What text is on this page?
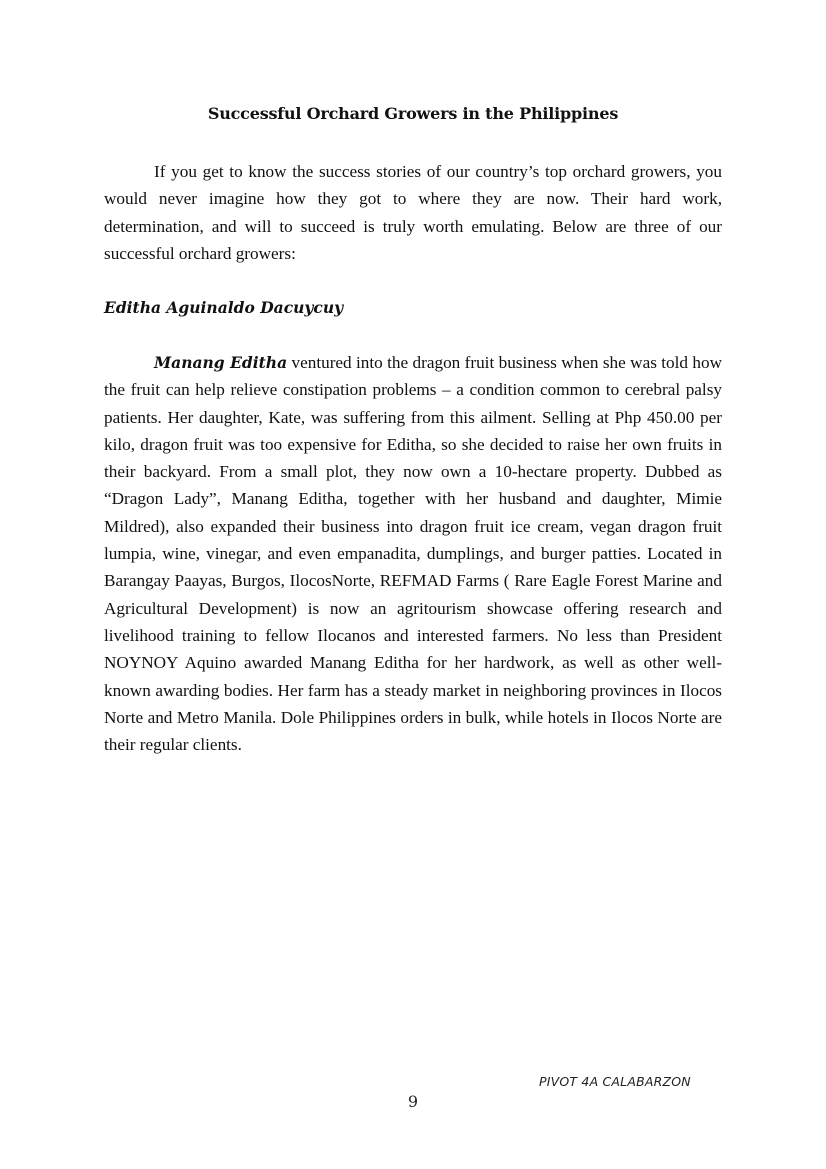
Successful Orchard Growers in the Philippines

If you get to know the success stories of our country’s top orchard growers, you would never imagine how they got to where they are now. Their hard work, determination, and will to succeed is truly worth emulating. Below are three of our successful orchard growers:

Editha Aguinaldo Dacuycuy

Manang Editha ventured into the dragon fruit business when she was told how the fruit can help relieve constipation problems – a condition common to cerebral palsy patients. Her daughter, Kate, was suffering from this ailment. Selling at Php 450.00 per kilo, dragon fruit was too expensive for Editha, so she decided to raise her own fruits in their backyard. From a small plot, they now own a 10-hectare property. Dubbed as “Dragon Lady”, Manang Editha, together with her husband and daughter, Mimie Mildred), also expanded their business into dragon fruit ice cream, vegan dragon fruit lumpia, wine, vinegar, and even empanadita, dumplings, and burger patties. Located in Barangay Paayas, Burgos, IlocosNorte, REFMAD Farms ( Rare Eagle Forest Marine and Agricultural Development) is now an agritourism showcase offering research and livelihood training to fellow Ilocanos and interested farmers. No less than President NOYNOY Aquino awarded Manang Editha for her hardwork, as well as other well- known awarding bodies. Her farm has a steady market in neighboring provinces in Ilocos Norte and Metro Manila. Dole Philippines orders in bulk, while hotels in Ilocos Norte are their regular clients.

PIVOT 4A CALABARZON
9
